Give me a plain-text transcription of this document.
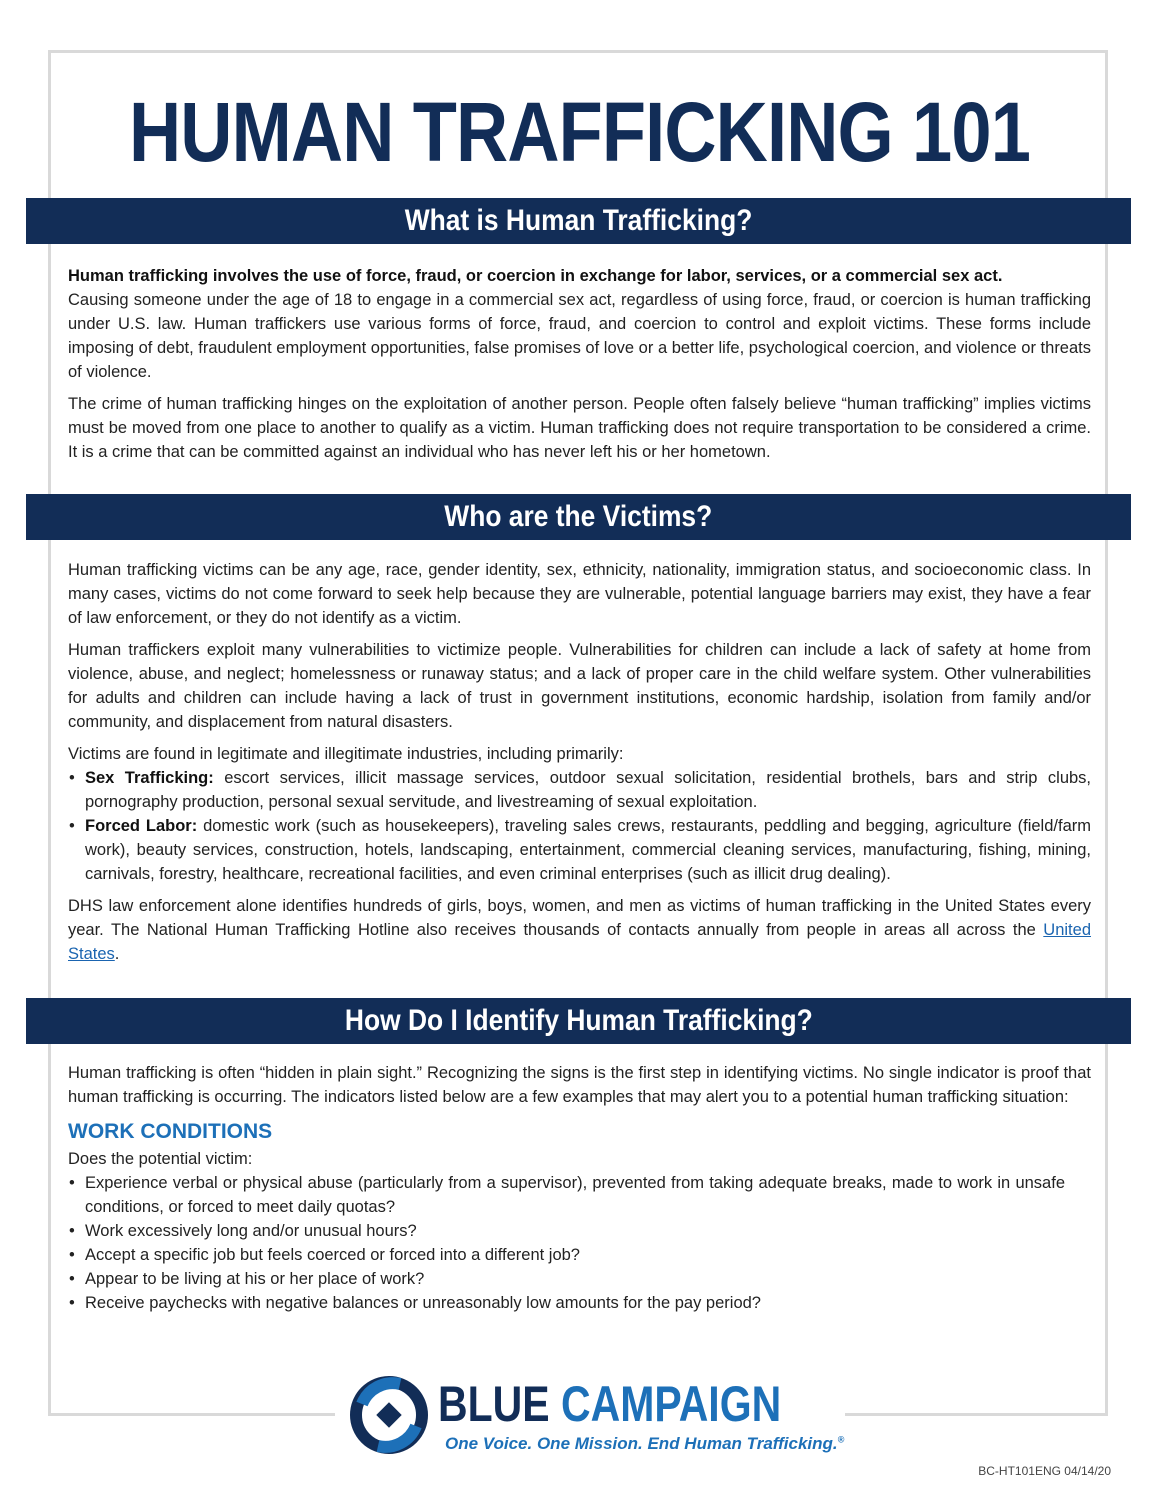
HUMAN TRAFFICKING 101
What is Human Trafficking?

Human trafficking involves the use of force, fraud, or coercion in exchange for labor, services, or a commercial sex act.
Causing someone under the age of 18 to engage in a commercial sex act, regardless of using force, fraud, or coercion is human trafficking under U.S. law. Human traffickers use various forms of force, fraud, and coercion to control and exploit victims. These forms include imposing of debt, fraudulent employment opportunities, false promises of love or a better life, psychological coercion, and violence or threats of violence.

The crime of human trafficking hinges on the exploitation of another person. People often falsely believe “human trafficking” implies victims must be moved from one place to another to qualify as a victim. Human trafficking does not require transportation to be considered a crime. It is a crime that can be committed against an individual who has never left his or her hometown.

Who are the Victims?

Human trafficking victims can be any age, race, gender identity, sex, ethnicity, nationality, immigration status, and socioeconomic class. In many cases, victims do not come forward to seek help because they are vulnerable, potential language barriers may exist, they have a fear of law enforcement, or they do not identify as a victim.

Human traffickers exploit many vulnerabilities to victimize people. Vulnerabilities for children can include a lack of safety at home from violence, abuse, and neglect; homelessness or runaway status; and a lack of proper care in the child welfare system. Other vulnerabilities for adults and children can include having a lack of trust in government institutions, economic hardship, isolation from family and/or community, and displacement from natural disasters.

Victims are found in legitimate and illegitimate industries, including primarily:

• Sex Trafficking: escort services, illicit massage services, outdoor sexual solicitation, residential brothels, bars and strip clubs, pornography production, personal sexual servitude, and livestreaming of sexual exploitation.
• Forced Labor: domestic work (such as housekeepers), traveling sales crews, restaurants, peddling and begging, agriculture (field/farm work), beauty services, construction, hotels, landscaping, entertainment, commercial cleaning services, manufacturing, fishing, mining, carnivals, forestry, healthcare, recreational facilities, and even criminal enterprises (such as illicit drug dealing).

DHS law enforcement alone identifies hundreds of girls, boys, women, and men as victims of human trafficking in the United States every year. The National Human Trafficking Hotline also receives thousands of contacts annually from people in areas all across the United States.

How Do I Identify Human Trafficking?

Human trafficking is often “hidden in plain sight.” Recognizing the signs is the first step in identifying victims. No single indicator is proof that human trafficking is occurring. The indicators listed below are a few examples that may alert you to a potential human trafficking situation:

WORK CONDITIONS
Does the potential victim:
• Experience verbal or physical abuse (particularly from a supervisor), prevented from taking adequate breaks, made to work in unsafe conditions, or forced to meet daily quotas?
• Work excessively long and/or unusual hours?
• Accept a specific job but feels coerced or forced into a different job?
• Appear to be living at his or her place of work?
• Receive paychecks with negative balances or unreasonably low amounts for the pay period?
BLUE CAMPAIGN
One Voice. One Mission. End Human Trafficking.®
BC-HT101ENG 04/14/20
